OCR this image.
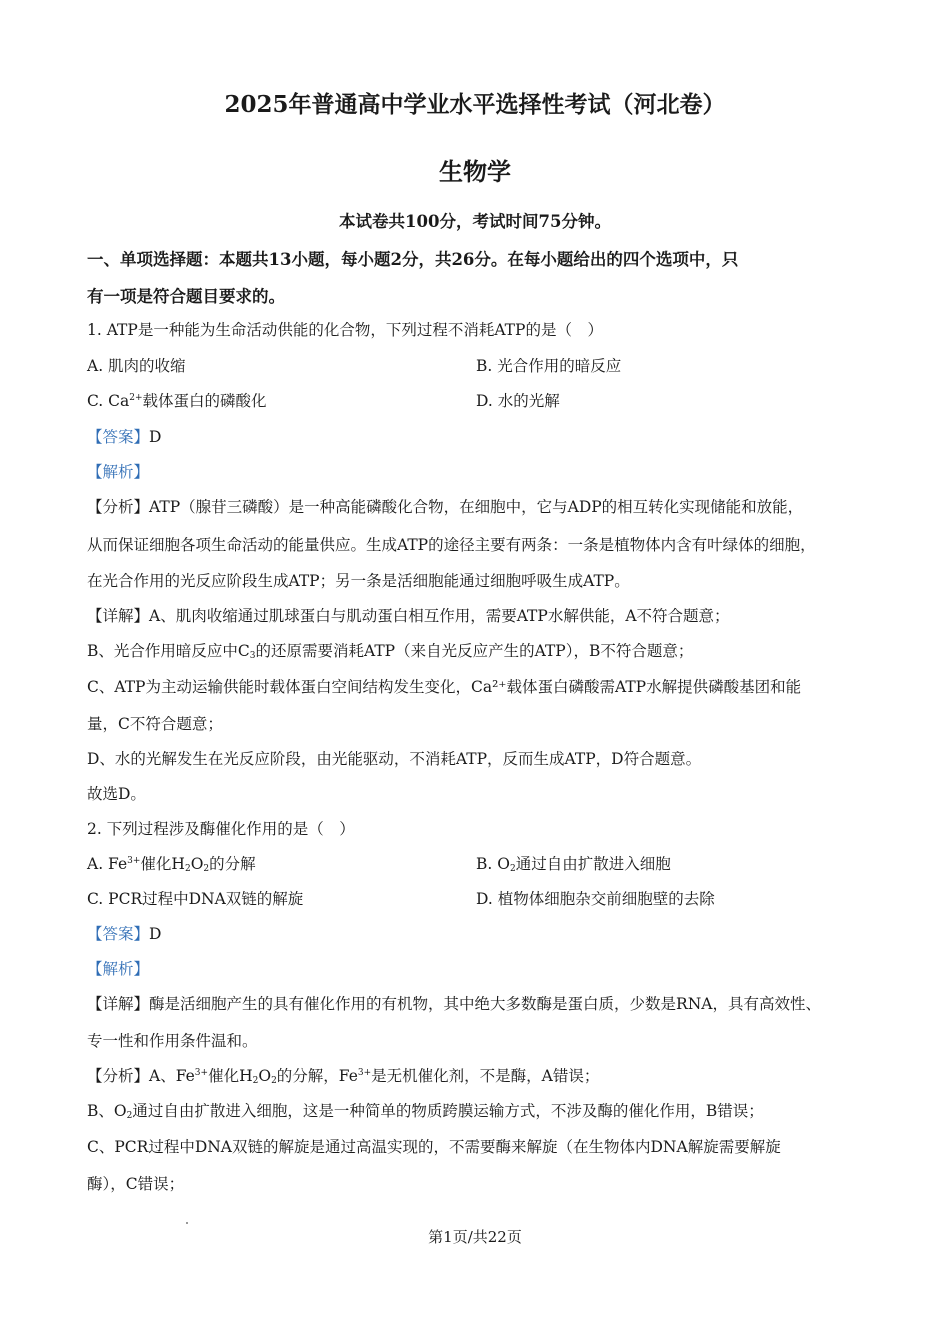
2025年普通高中学业水平选择性考试（河北卷）
生物学
本试卷共100分，考试时间75分钟。
一、单项选择题：本题共13小题，每小题2分，共26分。在每小题给出的四个选项中，只
有一项是符合题目要求的。
1. ATP是一种能为生命活动供能的化合物，下列过程不消耗ATP的是（　）
A. 肌肉的收缩	B. 光合作用的暗反应
C. $Ca^{2+}$载体蛋白的磷酸化	D. 水的光解
【答案】D
【解析】
【分析】ATP（腺苷三磷酸）是一种高能磷酸化合物，在细胞中，它与ADP的相互转化实现储能和放能，
从而保证细胞各项生命活动的能量供应。生成ATP的途径主要有两条：一条是植物体内含有叶绿体的细胞，
在光合作用的光反应阶段生成ATP；另一条是活细胞能通过细胞呼吸生成ATP。
【详解】A、肌肉收缩通过肌球蛋白与肌动蛋白相互作用，需要ATP水解供能，A不符合题意；
B、光合作用暗反应中$C_3$的还原需要消耗ATP（来自光反应产生的ATP），B不符合题意；
C、ATP为主动运输供能时载体蛋白空间结构发生变化，Ca²⁺载体蛋白磷酸需ATP水解提供磷酸基团和能
量，C不符合题意；
D、水的光解发生在光反应阶段，由光能驱动，不消耗ATP，反而生成ATP，D符合题意。
故选D。
2. 下列过程涉及酶催化作用的是（　）
A. $Fe^{3+}$催化$H_2O_2$的分解	B. $O_2$通过自由扩散进入细胞
C. PCR过程中DNA双链的解旋	D. 植物体细胞杂交前细胞壁的去除
【答案】D
【解析】
【详解】酶是活细胞产生的具有催化作用的有机物，其中绝大多数酶是蛋白质，少数是RNA，具有高效性、
专一性和作用条件温和。
【分析】A、$Fe^{3+}$催化$H_2O_2$的分解，$Fe^{3+}$是无机催化剂，不是酶，A错误；
B、$O_2$通过自由扩散进入细胞，这是一种简单的物质跨膜运输方式，不涉及酶的催化作用，B错误；
C、PCR过程中DNA双链的解旋是通过高温实现的，不需要酶来解旋（在生物体内DNA解旋需要解旋
酶），C错误；
第1页/共22页
